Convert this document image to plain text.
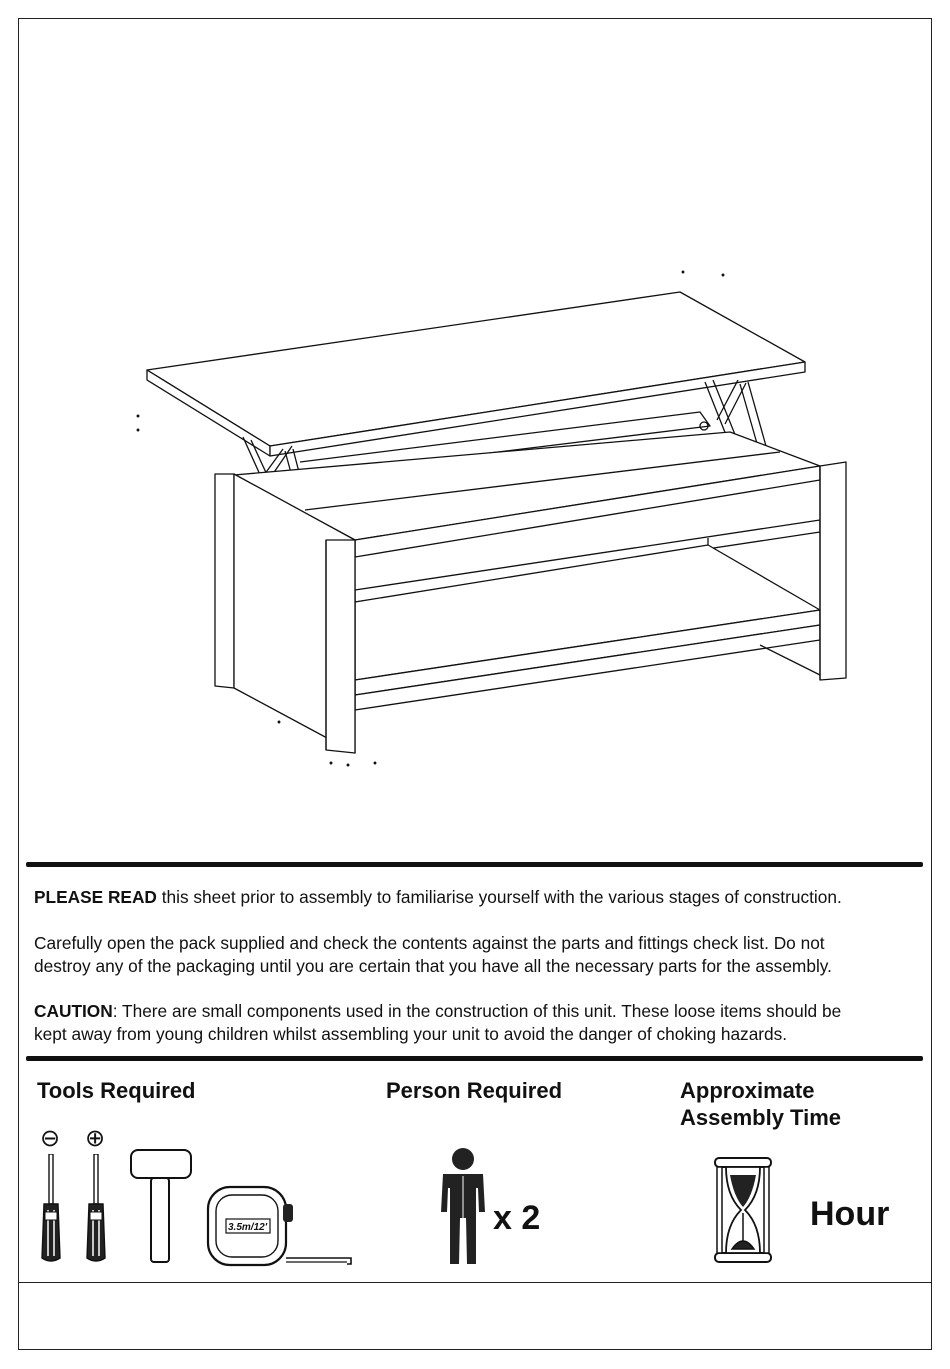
PLEASE READ this sheet prior to assembly to familiarise yourself with the various stages of construction.

Carefully open the pack supplied and check the contents against the parts and fittings check list. Do not
destroy any of the packaging until you are certain that you have all the necessary parts for the assembly.

CAUTION: There are small components used in the construction of this unit. These loose items should be
kept away from young children whilst assembling your unit to avoid the danger of choking hazards.

Tools Required	Person Required	Approximate
Assembly Time
⊖ ⊕
3.5m/12'	x 2	Hour
